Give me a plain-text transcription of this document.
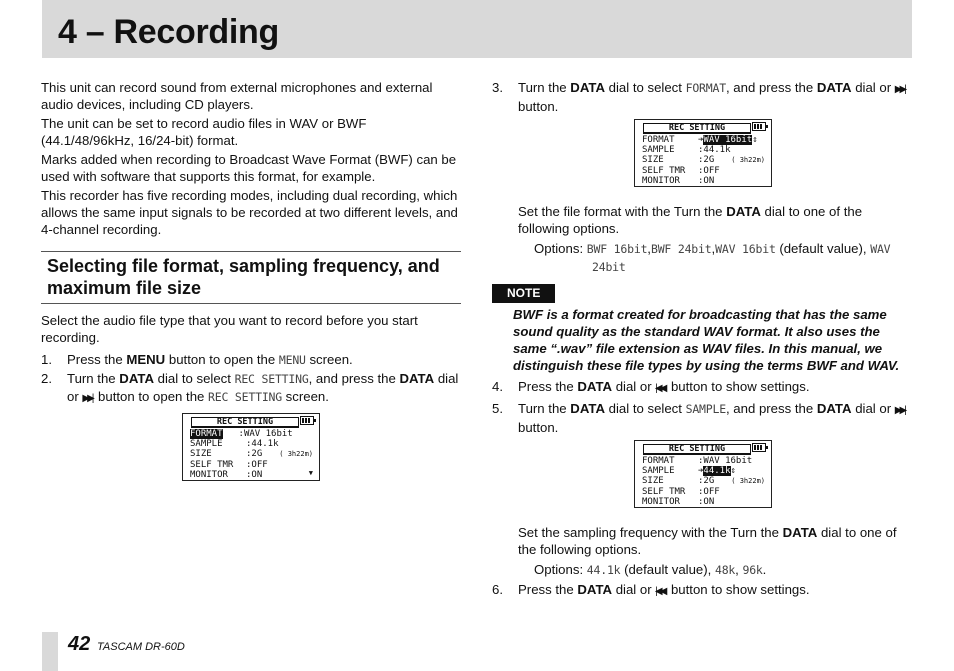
4 – Recording

This unit can record sound from external microphones and external audio devices, including CD players.

The unit can be set to record audio files in WAV or BWF (44.1/48/96kHz, 16/24-bit) format.

Marks added when recording to Broadcast Wave Format (BWF) can be used with software that supports this format, for example.

This recorder has five recording modes, including dual recording, which allows the same input signals to be recorded at two different levels, and 4-channel recording.

Selecting file format, sampling frequency, and maximum file size

Select the audio file type that you want to record before you start recording.

1. Press the MENU button to open the MENU screen.
2. Turn the DATA dial to select REC SETTING, and press the DATA dial or ▶▶| button to open the REC SETTING screen.
REC SETTING
FORMAT :WAV 16bit
SAMPLE	:44.1k
SIZE	:2G ( 3h22m)
SELF TMR :OFF
MONITOR :ON	▼
3. Turn the DATA dial to select FORMAT, and press the DATA dial or ▶▶| button.
REC SETTING
FORMAT	➔WAV 16bit⇕
SAMPLE	:44.1k
SIZE	:2G ( 3h22m)
SELF TMR :OFF
MONITOR :ON
Set the file format with the Turn the DATA dial to one of the following options.
Options: BWF 16bit,BWF 24bit,WAV 16bit (default value), WAV 24bit
NOTE
BWF is a format created for broadcasting that has the same sound quality as the standard WAV format. It also uses the same “.wav” file extension as WAV files. In this manual, we distinguish these file types by using the terms BWF and WAV.
4. Press the DATA dial or |◀◀ button to show settings.
5. Turn the DATA dial to select SAMPLE, and press the DATA dial or ▶▶| button.
REC SETTING
FORMAT	:WAV 16bit
SAMPLE	➔44.1k⇕
SIZE	:2G ( 3h22m)
SELF TMR :OFF
MONITOR :ON
Set the sampling frequency with the Turn the DATA dial to one of the following options.
Options: 44.1k (default value), 48k, 96k.
6. Press the DATA dial or |◀◀ button to show settings.
42 TASCAM DR-60D
